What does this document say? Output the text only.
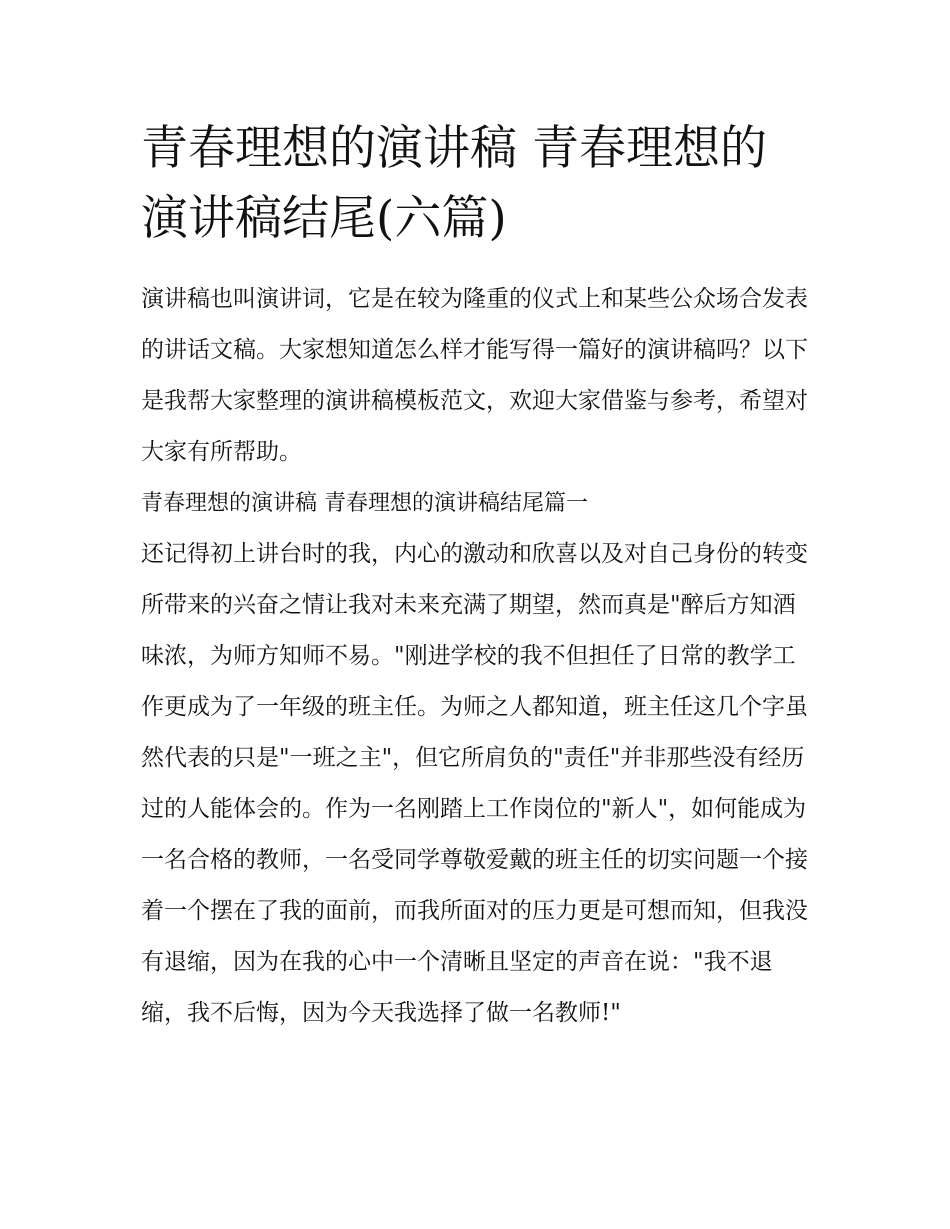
青春理想的演讲稿 青春理想的演讲稿结尾(六篇)

演讲稿也叫演讲词，它是在较为隆重的仪式上和某些公众场合发表的讲话文稿。大家想知道怎么样才能写得一篇好的演讲稿吗？以下是我帮大家整理的演讲稿模板范文，欢迎大家借鉴与参考，希望对大家有所帮助。

青春理想的演讲稿 青春理想的演讲稿结尾篇一

还记得初上讲台时的我，内心的激动和欣喜以及对自己身份的转变所带来的兴奋之情让我对未来充满了期望，然而真是"醉后方知酒味浓，为师方知师不易。"刚进学校的我不但担任了日常的教学工作更成为了一年级的班主任。为师之人都知道，班主任这几个字虽然代表的只是"一班之主"，但它所肩负的"责任"并非那些没有经历过的人能体会的。作为一名刚踏上工作岗位的"新人"，如何能成为一名合格的教师，一名受同学尊敬爱戴的班主任的切实问题一个接着一个摆在了我的面前，而我所面对的压力更是可想而知，但我没有退缩，因为在我的心中一个清晰且坚定的声音在说："我不退缩，我不后悔，因为今天我选择了做一名教师!"
